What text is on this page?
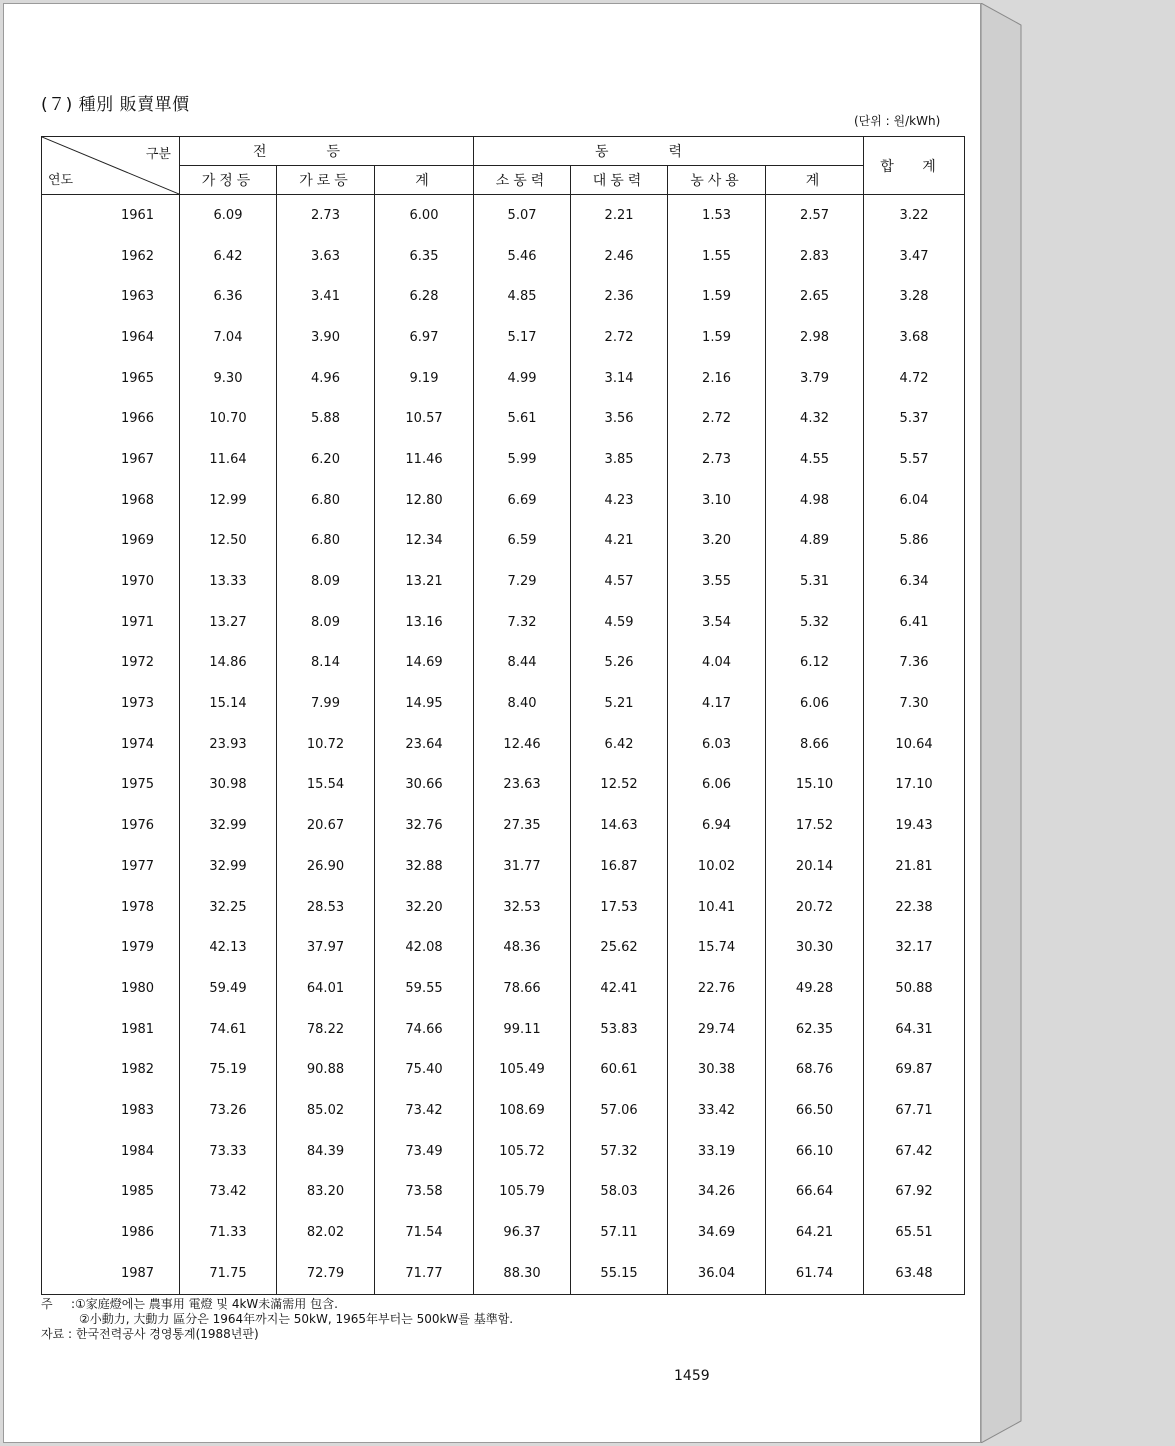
(７) 種別 販賣單價
(단위 : 원/kWh)
구분
연도	전등			동력				합 계
	가정등	가로등	계	소동력	대동력	농사용	계	
1961	6.09	2.73	6.00	5.07	2.21	1.53	2.57	3.22
1962	6.42	3.63	6.35	5.46	2.46	1.55	2.83	3.47
1963	6.36	3.41	6.28	4.85	2.36	1.59	2.65	3.28
1964	7.04	3.90	6.97	5.17	2.72	1.59	2.98	3.68
1965	9.30	4.96	9.19	4.99	3.14	2.16	3.79	4.72
1966	10.70	5.88	10.57	5.61	3.56	2.72	4.32	5.37
1967	11.64	6.20	11.46	5.99	3.85	2.73	4.55	5.57
1968	12.99	6.80	12.80	6.69	4.23	3.10	4.98	6.04
1969	12.50	6.80	12.34	6.59	4.21	3.20	4.89	5.86
1970	13.33	8.09	13.21	7.29	4.57	3.55	5.31	6.34
1971	13.27	8.09	13.16	7.32	4.59	3.54	5.32	6.41
1972	14.86	8.14	14.69	8.44	5.26	4.04	6.12	7.36
1973	15.14	7.99	14.95	8.40	5.21	4.17	6.06	7.30
1974	23.93	10.72	23.64	12.46	6.42	6.03	8.66	10.64
1975	30.98	15.54	30.66	23.63	12.52	6.06	15.10	17.10
1976	32.99	20.67	32.76	27.35	14.63	6.94	17.52	19.43
1977	32.99	26.90	32.88	31.77	16.87	10.02	20.14	21.81
1978	32.25	28.53	32.20	32.53	17.53	10.41	20.72	22.38
1979	42.13	37.97	42.08	48.36	25.62	15.74	30.30	32.17
1980	59.49	64.01	59.55	78.66	42.41	22.76	49.28	50.88
1981	74.61	78.22	74.66	99.11	53.83	29.74	62.35	64.31
1982	75.19	90.88	75.40	105.49	60.61	30.38	68.76	69.87
1983	73.26	85.02	73.42	108.69	57.06	33.42	66.50	67.71
1984	73.33	84.39	73.49	105.72	57.32	33.19	66.10	67.42
1985	73.42	83.20	73.58	105.79	58.03	34.26	66.64	67.92
1986	71.33	82.02	71.54	96.37	57.11	34.69	64.21	65.51
1987	71.75	72.79	71.77	88.30	55.15	36.04	61.74	63.48
주	:①家庭燈에는 農事用 電燈 및 4kW未滿需用 包含.
②小動力, 大動力 區分은 1964年까지는 50kW, 1965年부터는 500kW를 基準함.
자료 : 한국전력공사 경영통계(1988년판)
1459
